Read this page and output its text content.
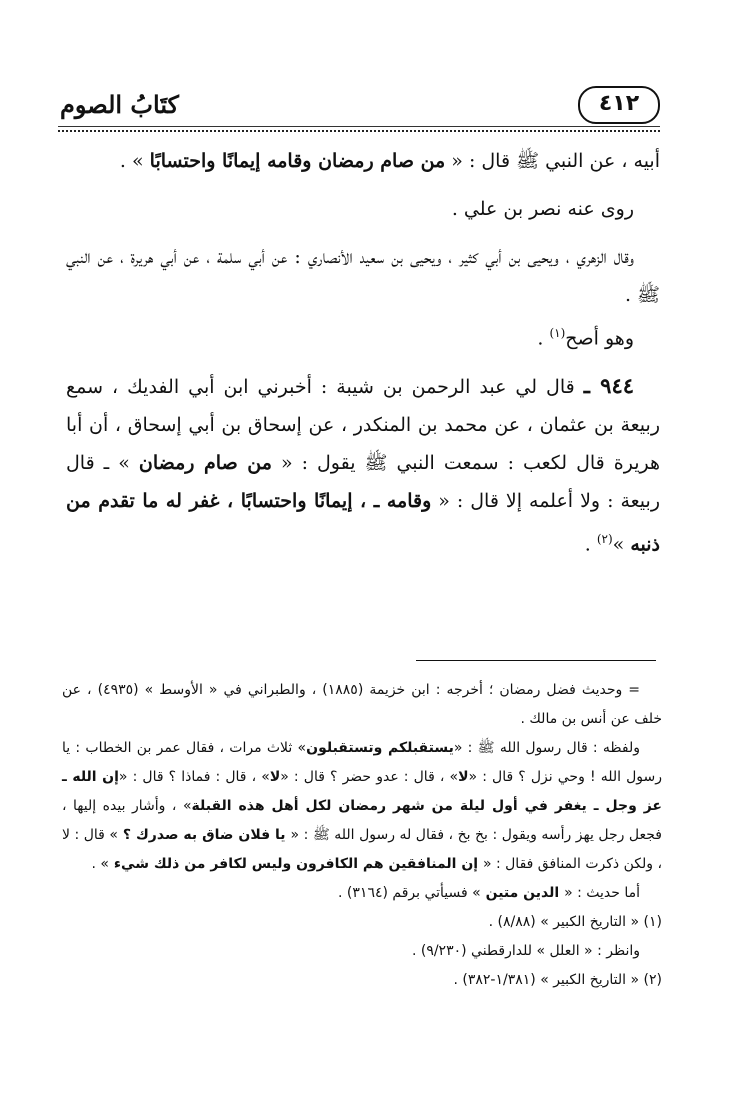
٤١٢
كتَابُ الصوم

أبيه ، عن النبي ﷺ قال : « من صام رمضان وقامه إيمانًا واحتسابًا » .

روى عنه نصر بن علي .

وقال الزهري ، ويحيى بن أبي كثير ، ويحيى بن سعيد الأنصاري : عن أبي سلمة ، عن أبي هريرة ، عن النبي ﷺ .

وهو أصح$^{(١)}$ .

٩٤٤ ـ قال لي عبد الرحمن بن شيبة : أخبرني ابن أبي الفديك ، سمع ربيعة بن عثمان ، عن محمد بن المنكدر ، عن إسحاق بن أبي إسحاق ، أن أبا هريرة قال لكعب : سمعت النبي ﷺ يقول : « من صام رمضان » ـ قال ربيعة : ولا أعلمه إلا قال : « وقامه ـ ، إيمانًا واحتسابًا ، غفر له ما تقدم من ذنبه »$^{(٢)}$ .

= وحديث فضل رمضان ؛ أخرجه : ابن خزيمة (١٨٨٥) ، والطبراني في « الأوسط » (٤٩٣٥) ، عن خلف عن أنس بن مالك .

ولفظه : قال رسول الله ﷺ : «يستقبلكم وتستقبلون» ثلاث مرات ، فقال عمر بن الخطاب : يا رسول الله ! وحي نزل ؟ قال : «لا» ، قال : عدو حضر ؟ قال : «لا» ، قال : فماذا ؟ قال : «إن الله ـ عز وجل ـ يغفر في أول ليلة من شهر رمضان لكل أهل هذه القبلة» ، وأشار بيده إليها ، فجعل رجل يهز رأسه ويقول : بخ بخ ، فقال له رسول الله ﷺ : « يا فلان ضاق به صدرك ؟ » قال : لا ، ولكن ذكرت المنافق فقال : « إن المنافقين هم الكافرون وليس لكافر من ذلك شيء » .

أما حديث : « الدين متين » فسيأتي برقم (٣١٦٤) .

(١) « التاريخ الكبير » (٨/٨٨) .

وانظر : « العلل » للدارقطني (٩/٢٣٠) .

(٢) « التاريخ الكبير » (١/٣٨١-٣٨٢) .
